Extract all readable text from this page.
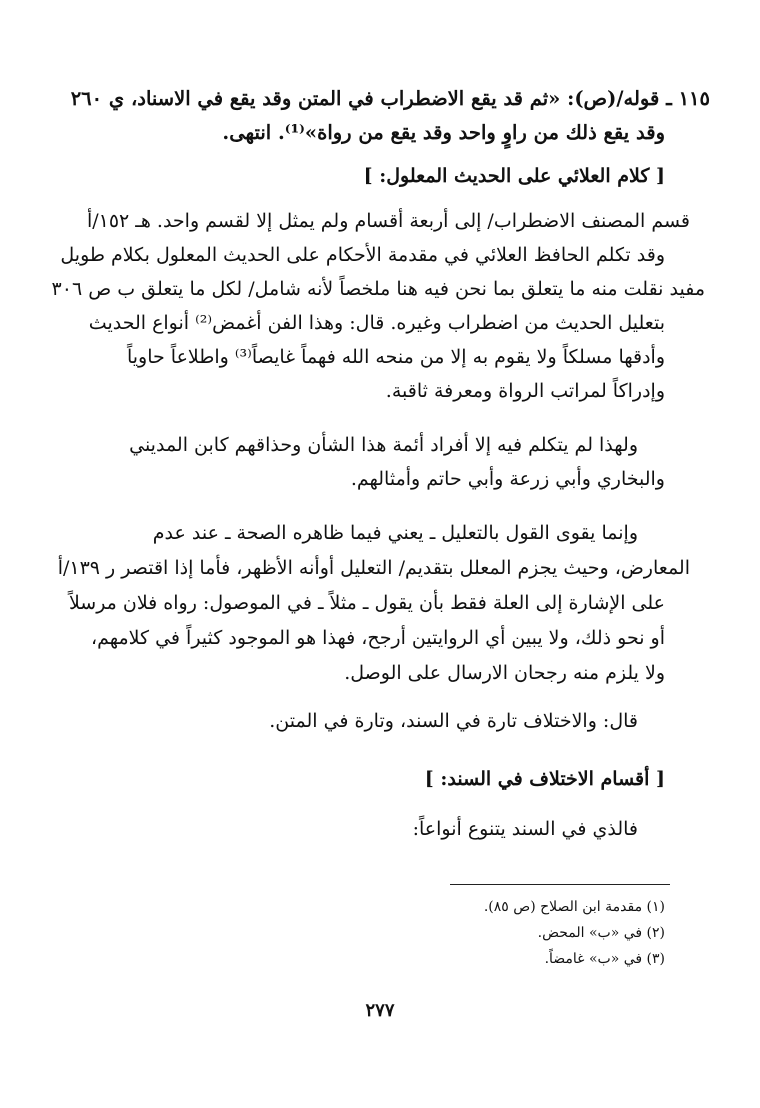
١١٥ ـ قوله/(ص): «ثم قد يقع الاضطراب في المتن وقد يقع في الاسناد، ي ٢٦٠
وقد يقع ذلك من راوٍ واحد وقد يقع من رواة»⁽¹⁾. انتهى.
[ كلام العلائي على الحديث المعلول: ]
قسم المصنف الاضطراب/ إلى أربعة أقسام ولم يمثل إلا لقسم واحد. هـ ١٥٢/أ
وقد تكلم الحافظ العلائي في مقدمة الأحكام على الحديث المعلول بكلام طويل
مفيد نقلت منه ما يتعلق بما نحن فيه هنا ملخصاً لأنه شامل/ لكل ما يتعلق ب ص ٣٠٦
بتعليل الحديث من اضطراب وغيره. قال: وهذا الفن أغمض⁽²⁾ أنواع الحديث
وأدقها مسلكاً ولا يقوم به إلا من منحه الله فهماً غايصاً⁽³⁾ واطلاعاً حاوياً
وإدراكاً لمراتب الرواة ومعرفة ثاقبة.
ولهذا لم يتكلم فيه إلا أفراد أئمة هذا الشأن وحذاقهم كابن المديني
والبخاري وأبي زرعة وأبي حاتم وأمثالهم.
وإنما يقوى القول بالتعليل ـ يعني فيما ظاهره الصحة ـ عند عدم
المعارض، وحيث يجزم المعلل بتقديم/ التعليل أوأنه الأظهر، فأما إذا اقتصر ر ١٣٩/أ
على الإشارة إلى العلة فقط بأن يقول ـ مثلاً ـ في الموصول: رواه فلان مرسلاً
أو نحو ذلك، ولا يبين أي الروايتين أرجح، فهذا هو الموجود كثيراً في كلامهم،
ولا يلزم منه رجحان الارسال على الوصل.
قال: والاختلاف تارة في السند، وتارة في المتن.
[ أقسام الاختلاف في السند: ]
فالذي في السند يتنوع أنواعاً:
(١) مقدمة ابن الصلاح (ص ٨٥).
(٢) في «ب» المحض.
(٣) في «ب» غامضاً.
٢٧٧
